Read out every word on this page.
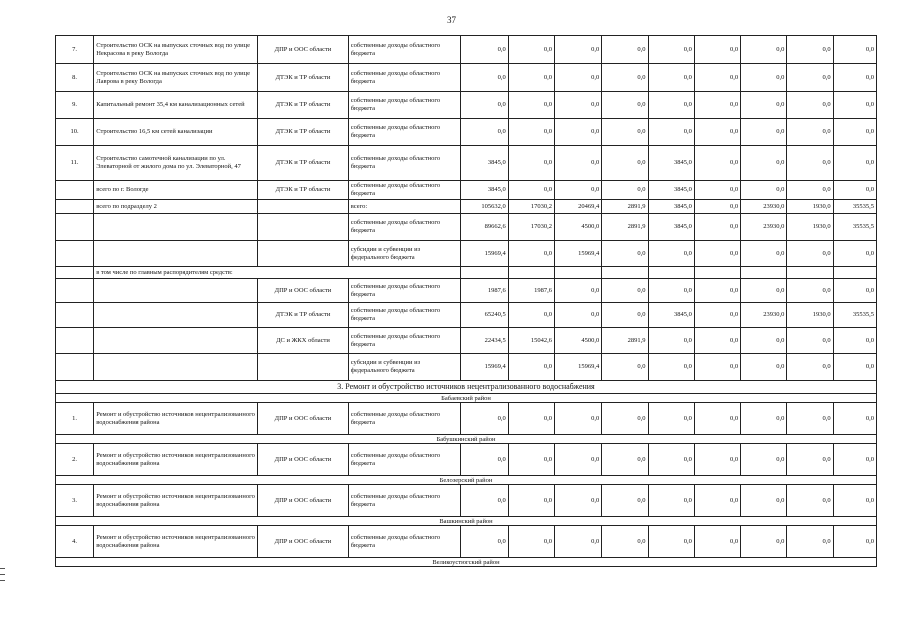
37
7.	Строительство ОСК на выпусках сточных вод по улице Некрасова в реку Вологда	ДПР и ООС области	собственные доходы областного бюджета	0,0	0,0	0,0	0,0	0,0	0,0	0,0	0,0	0,0
8.	Строительство ОСК на выпусках сточных вод по улице Лаврова в реку Вологда	ДТЭК и ТР области	собственные доходы областного бюджета	0,0	0,0	0,0	0,0	0,0	0,0	0,0	0,0	0,0
9.	Капитальный ремонт 35,4 км канализационных сетей	ДТЭК и ТР области	собственные доходы областного бюджета	0,0	0,0	0,0	0,0	0,0	0,0	0,0	0,0	0,0
10.	Строительство 16,5 км сетей канализации	ДТЭК и ТР области	собственные доходы областного бюджета	0,0	0,0	0,0	0,0	0,0	0,0	0,0	0,0	0,0
11.	Строительство самотечной канализации по ул. Элеваторной от жилого дома по ул. Элеваторной, 47	ДТЭК и ТР области	собственные доходы областного бюджета	3845,0	0,0	0,0	0,0	3845,0	0,0	0,0	0,0	0,0
	всего по г. Вологде	ДТЭК и ТР области	собственные доходы областного бюджета	3845,0	0,0	0,0	0,0	3845,0	0,0	0,0	0,0	0,0
	всего по подразделу 2		всего:	105632,0	17030,2	20469,4	2891,9	3845,0	0,0	23930,0	1930,0	35535,5
			собственные доходы областного бюджета	89662,6	17030,2	4500,0	2891,9	3845,0	0,0	23930,0	1930,0	35535,5
			субсидии и субвенции из федерального бюджета	15969,4	0,0	15969,4	0,0	0,0	0,0	0,0	0,0	0,0
	в том числе по главным распорядителям средств:											
		ДПР и ООС области	собственные доходы областного бюджета	1987,6	1987,6	0,0	0,0	0,0	0,0	0,0	0,0	0,0
		ДТЭК и ТР области	собственные доходы областного бюджета	65240,5	0,0	0,0	0,0	3845,0	0,0	23930,0	1930,0	35535,5
		ДС и ЖКХ области	собственные доходы областного бюджета	22434,5	15042,6	4500,0	2891,9	0,0	0,0	0,0	0,0	0,0
			субсидии и субвенции из федерального бюджета	15969,4	0,0	15969,4	0,0	0,0	0,0	0,0	0,0	0,0
3. Ремонт и обустройство источников нецентрализованного водоснабжения												
Бабаевский район												
1.	Ремонт и обустройство источников нецентрализованного водоснабжения района	ДПР и ООС области	собственные доходы областного бюджета	0,0	0,0	0,0	0,0	0,0	0,0	0,0	0,0	0,0
Бабушкинский район												
2.	Ремонт и обустройство источников нецентрализованного водоснабжения района	ДПР и ООС области	собственные доходы областного бюджета	0,0	0,0	0,0	0,0	0,0	0,0	0,0	0,0	0,0
Белозерский район												
3.	Ремонт и обустройство источников нецентрализованного водоснабжения района	ДПР и ООС области	собственные доходы областного бюджета	0,0	0,0	0,0	0,0	0,0	0,0	0,0	0,0	0,0
Вашкинский район												
4.	Ремонт и обустройство источников нецентрализованного водоснабжения района	ДПР и ООС области	собственные доходы областного бюджета	0,0	0,0	0,0	0,0	0,0	0,0	0,0	0,0	0,0
Великоустюгский район												
